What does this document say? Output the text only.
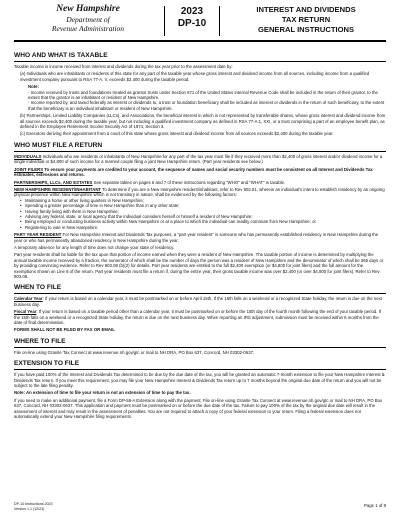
New Hampshire
Department of
Revenue Administration
2023
DP-10
INTEREST AND DIVIDENDS
TAX RETURN
GENERAL INSTRUCTIONS
WHO AND WHAT IS TAXABLE

Taxable income is income received from interest and dividends during the tax year prior to the assessment date by:

(a) Individuals who are inhabitants or residents of this state for any part of the taxable year whose gross interest and dividend income from all sources, including income from a qualified investment company pursuant to RSA 77-A, V, exceeds $2,400 during the taxable period.

Note:

- Income received by trusts and foundations treated as grantor trusts under Section 671 of the United States Internal Revenue Code shall be included in the return of their grantor, to the extent that the grantor is an inhabitant or resident of New Hampshire.

- Income reported by, and taxed federally as interest or dividends to, a trust or foundation beneficiary shall be included as interest or dividends in the return of such beneficiary, to the extent that the beneficiary is an individual inhabitant or resident of New Hampshire.

(b) Partnerships, Limited Liability Companies (LLCs), and Associations, the beneficial interest in which is not represented by transferable shares, whose gross interest and dividend income from all sources exceeds $2,400 during the taxable year, but not including a qualified investment company as defined in RSA 77-A:1, XXI, or a trust comprising a part of an employee benefit plan, as defined in the Employee Retirement Income Security Act of 1974, Section 3.

(c) Executors deriving their appointment from a court of this state whose gross interest and dividend income from all sources exceeds $2,400 during the taxable year.

WHO MUST FILE A RETURN

INDIVIDUALS Individuals who are residents or inhabitants of New Hampshire for any part of the tax year must file if they received more than $2,400 of gross interest and/or dividend income for a single individual or $4,800 of such income for a married couple filing a joint New Hampshire return. (Part year residents see below.)

JOINT FILERS To ensure your payments are credited to your account, the sequence of names and social security numbers must be consistent on all Interest and Dividends Tax estimates, extensions and returns.

PARTNERSHIPS, LLCs, AND ESTATES See separate tables on pages 6 and 7 of these instructions regarding "WHO" and "WHAT" is taxable.

NEW HAMPSHIRE RESIDENT/INHABITANT To determine if you are a New Hampshire resident/inhabitant, refer to Rev 902.01, wherein an individual's intent to establish residency by an ongoing physical presence within New Hampshire which is not transitory in nature, shall be evidenced by the following factors:

• Maintaining a home or other living quarters in New Hampshire;
• Spending a greater percentage of time in New Hampshire than in any other state;
• Having family living with them in New Hampshire;
• Advising any federal, state, or local agency that the individual considers herself or himself a resident of New Hampshire;
• Being employed or conducting business activity within New Hampshire or at a place to which the individual can readily commute from New Hampshire; or
• Registering to vote in New Hampshire.

PART YEAR RESIDENT For New Hampshire Interest and Dividends Tax purposes, a "part year resident" is someone who has permanently established residency in New Hampshire during the year or who has permanently abandoned residency in New Hampshire during the year.

A temporary absence for any length of time does not change your state of residency.

Part year residents shall be liable for the tax upon that portion of income earned when they were a resident of New Hampshire. The taxable portion of income is determined by multiplying the annual taxable income received by a fraction, the numerator of which shall be the number of days the person was a resident of New Hampshire and the denominator of which shall be 365 days or by providing convincing evidence. Refer to Rev 903.08 (b)(2) for details. Part year residents are entitled to the full $2,400 exemption (or $4,800 for joint filers) and the full amount for the exemptions shown on Line 8 of the return. Part year residents must file a return if, during the entire year, their gross taxable income was over $2,400 (or over $4,800 for joint filers). Refer to Rev 903.08.

WHEN TO FILE

Calendar Year: If your return is based on a calendar year, it must be postmarked on or before April 15th. If the 15th falls on a weekend or a recognized State holiday, the return is due on the next business day.

Fiscal Year: If your return is based on a taxable period other than a calendar year, it must be postmarked on or before the 15th day of the fourth month following the end of your taxable period. If the 15th falls on a weekend or a recognized State holiday, the return is due on the next business day. When reporting an IRS adjustment, submission must be received within 6 months from the date of final determination.

FORMS SHALL NOT BE FILED BY FAX OR EMAIL

WHERE TO FILE

File on-line using Granite Tax Connect at www.revenue.nh.gov/gtc or mail to NH DRA, PO Box 637, Concord, NH 03302-0637.

EXTENSION TO FILE

If you have paid 100% of the Interest and Dividends Tax determined to be due by the due date of the tax, you will be granted an automatic 7-month extension to file your New Hampshire Interest & Dividends Tax return. If you meet this requirement, you may file your New Hampshire Interest & Dividends Tax return up to 7 months beyond the original due date of the return and you will not be subject to the late filing penalty.

Note: An extension of time to file your return is not an extension of time to pay the tax.

If you need to make an additional payment, file a Form DP-59-A Extension along with the payment. File on-line using Granite Tax Connect at www.revenue.nh.gov/gtc or mail to NH DRA, PO Box 637, Concord, NH 03302-0637. This application and payment must be postmarked on or before the due date of the tax. Failure to pay 100% of the tax by the original due date will result in the assessment of interest and may result in the assessment of penalties. You are not required to attach a copy of your federal extension to your return. Filing a federal extension does not automatically extend your New Hampshire filing requirements.

DP-10 Instructions 2023
Version 1.1 (12/23)
Page 1 of 8
